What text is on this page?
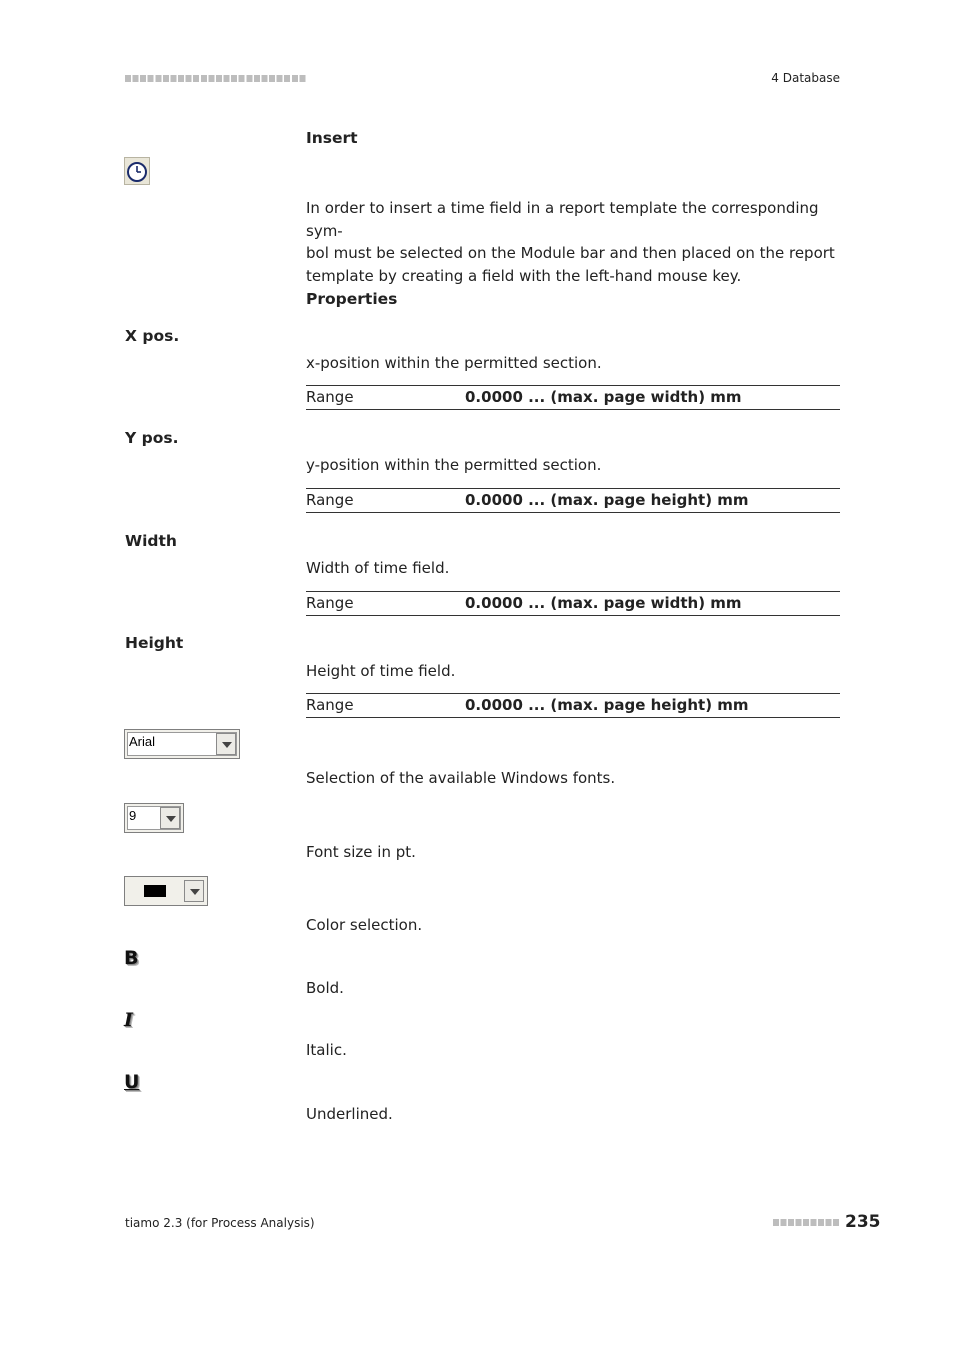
4 Database
Insert
In order to insert a time field in a report template the corresponding sym-
bol must be selected on the Module bar and then placed on the report
template by creating a field with the left-hand mouse key.
Properties
X pos.
x-position within the permitted section.
Range	0.0000 ... (max. page width) mm
Y pos.
y-position within the permitted section.
Range	0.0000 ... (max. page height) mm
Width
Width of time field.
Range	0.0000 ... (max. page width) mm
Height
Height of time field.
Range	0.0000 ... (max. page height) mm
Arial
Selection of the available Windows fonts.
9
Font size in pt.
Color selection.
B
Bold.
I
Italic.
U
Underlined.
tiamo 2.3 (for Process Analysis)	235
